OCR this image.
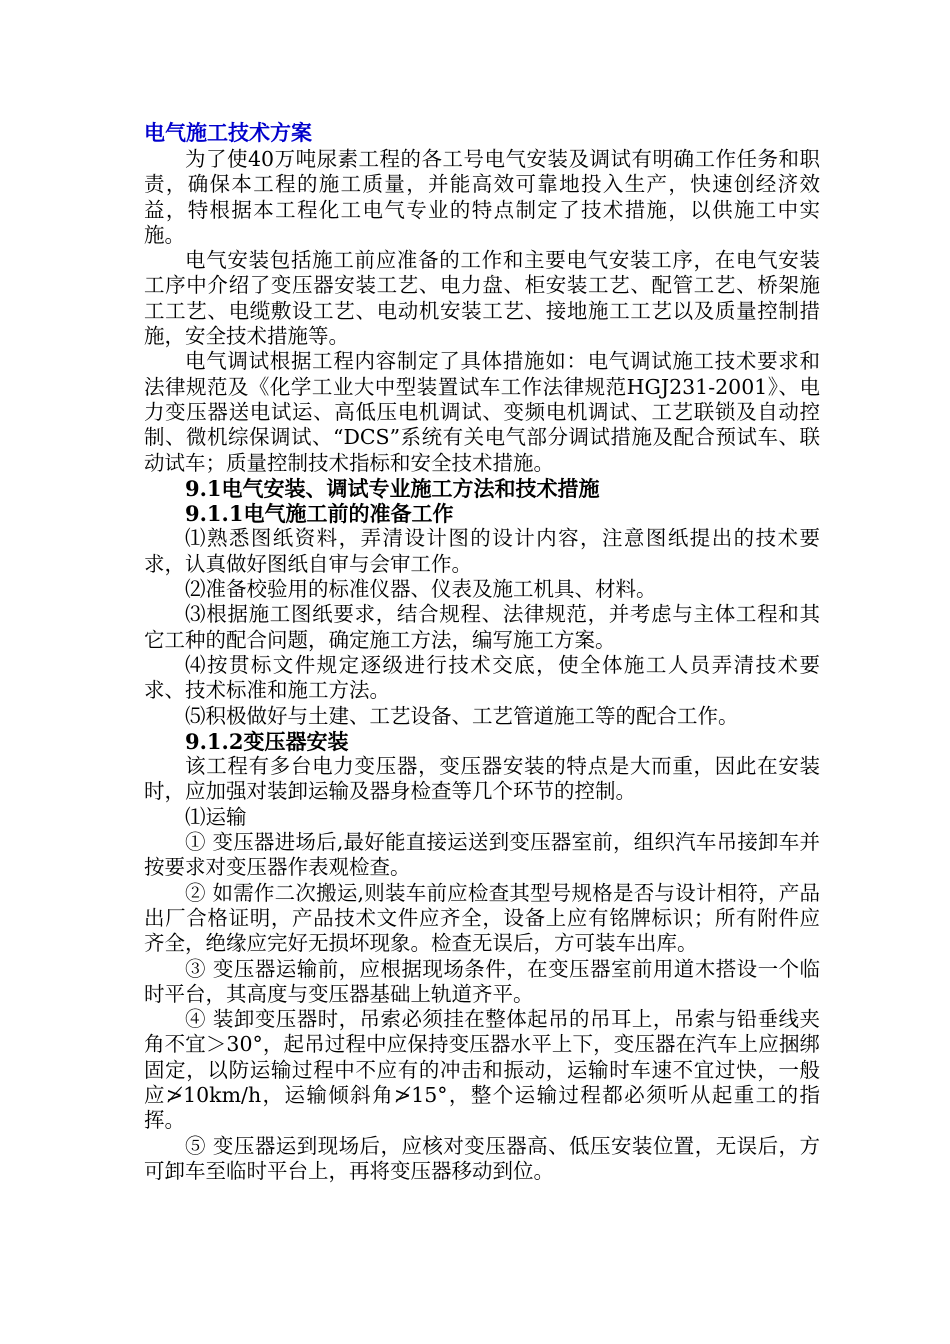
电气施工技术方案

为了使40万吨尿素工程的各工号电气安装及调试有明确工作任务和职责，确保本工程的施工质量，并能高效可靠地投入生产，快速创经济效益，特根据本工程化工电气专业的特点制定了技术措施，以供施工中实施。

电气安装包括施工前应准备的工作和主要电气安装工序，在电气安装工序中介绍了变压器安装工艺、电力盘、柜安装工艺、配管工艺、桥架施工工艺、电缆敷设工艺、电动机安装工艺、接地施工工艺以及质量控制措施，安全技术措施等。

电气调试根据工程内容制定了具体措施如：电气调试施工技术要求和法律规范及《化学工业大中型装置试车工作法律规范HGJ231-2001》、电力变压器送电试运、高低压电机调试、变频电机调试、工艺联锁及自动控制、微机综保调试、“DCS”系统有关电气部分调试措施及配合预试车、联动试车；质量控制技术指标和安全技术措施。

9.1电气安装、调试专业施工方法和技术措施

9.1.1电气施工前的准备工作

⑴熟悉图纸资料，弄清设计图的设计内容，注意图纸提出的技术要求，认真做好图纸自审与会审工作。

⑵准备校验用的标准仪器、仪表及施工机具、材料。

⑶根据施工图纸要求，结合规程、法律规范，并考虑与主体工程和其它工种的配合问题，确定施工方法，编写施工方案。

⑷按贯标文件规定逐级进行技术交底，使全体施工人员弄清技术要求、技术标准和施工方法。

⑸积极做好与土建、工艺设备、工艺管道施工等的配合工作。

9.1.2变压器安装

该工程有多台电力变压器，变压器安装的特点是大而重，因此在安装时，应加强对装卸运输及器身检查等几个环节的控制。

⑴运输

① 变压器进场后,最好能直接运送到变压器室前，组织汽车吊接卸车并按要求对变压器作表观检查。

② 如需作二次搬运,则装车前应检查其型号规格是否与设计相符，产品出厂合格证明，产品技术文件应齐全，设备上应有铭牌标识；所有附件应齐全，绝缘应完好无损坏现象。检查无误后，方可装车出库。

③ 变压器运输前，应根据现场条件，在变压器室前用道木搭设一个临时平台，其高度与变压器基础上轨道齐平。

④ 装卸变压器时，吊索必须挂在整体起吊的吊耳上，吊索与铅垂线夹角不宜＞30°，起吊过程中应保持变压器水平上下，变压器在汽车上应捆绑固定，以防运输过程中不应有的冲击和振动，运输时车速不宜过快，一般应≯10km/h，运输倾斜角≯15°，整个运输过程都必须听从起重工的指挥。

⑤ 变压器运到现场后，应核对变压器高、低压安装位置，无误后，方可卸车至临时平台上，再将变压器移动到位。
